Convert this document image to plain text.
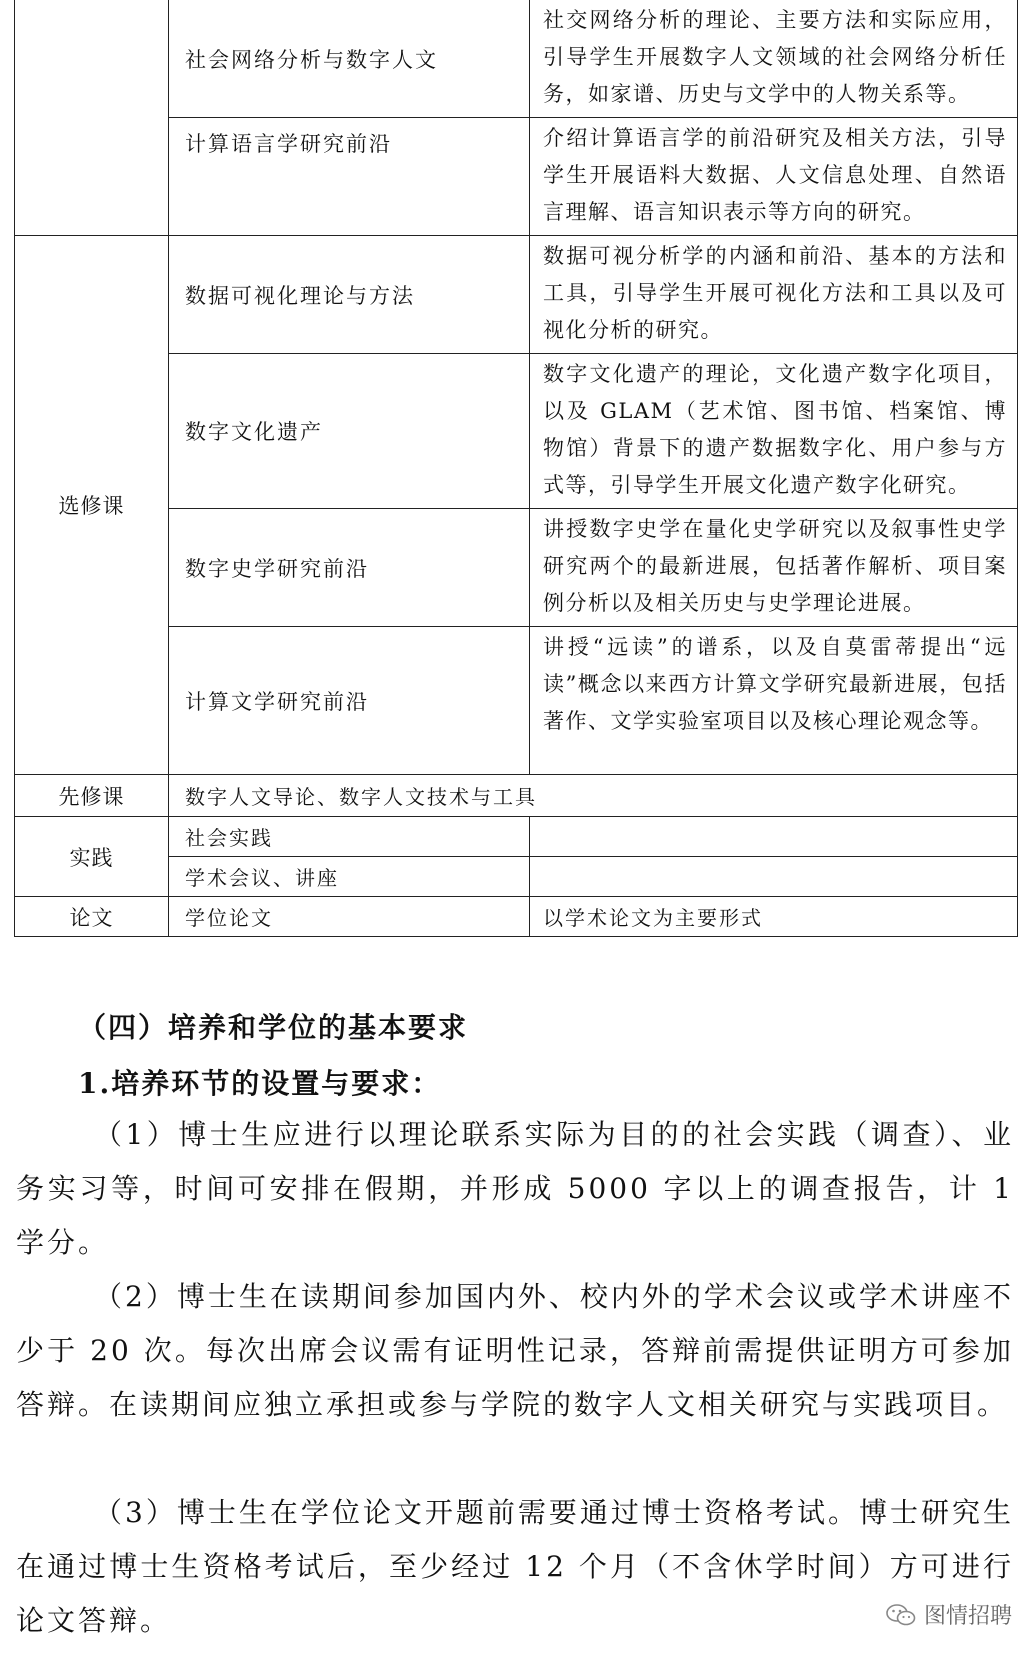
	社会网络分析与数字人文	社交网络分析的理论、主要方法和实际应用，引导学生开展数字人文领域的社会网络分析任务，如家谱、历史与文学中的人物关系等。
	计算语言学研究前沿	介绍计算语言学的前沿研究及相关方法，引导学生开展语料大数据、人文信息处理、自然语言理解、语言知识表示等方向的研究。
选修课	数据可视化理论与方法	数据可视分析学的内涵和前沿、基本的方法和工具，引导学生开展可视化方法和工具以及可视化分析的研究。
	数字文化遗产	数字文化遗产的理论，文化遗产数字化项目，以及 GLAM（艺术馆、图书馆、档案馆、博物馆）背景下的遗产数据数字化、用户参与方式等，引导学生开展文化遗产数字化研究。
	数字史学研究前沿	讲授数字史学在量化史学研究以及叙事性史学研究两个的最新进展，包括著作解析、项目案例分析以及相关历史与史学理论进展。
	计算文学研究前沿	讲授“远读”的谱系，以及自莫雷蒂提出“远读”概念以来西方计算文学研究最新进展，包括著作、文学实验室项目以及核心理论观念等。
先修课	数字人文导论、数字人文技术与工具	
实践	社会实践	
	学术会议、讲座	
论文	学位论文	以学术论文为主要形式
（四）培养和学位的基本要求
1.培养环节的设置与要求：

（1）博士生应进行以理论联系实际为目的的社会实践（调查）、业务实习等，时间可安排在假期，并形成 5000 字以上的调查报告，计 1 学分。

（2）博士生在读期间参加国内外、校内外的学术会议或学术讲座不少于 20 次。每次出席会议需有证明性记录，答辩前需提供证明方可参加答辩。在读期间应独立承担或参与学院的数字人文相关研究与实践项目。

（3）博士生在学位论文开题前需要通过博士资格考试。博士研究生在通过博士生资格考试后，至少经过 12 个月（不含休学时间）方可进行论文答辩。	图情招聘
